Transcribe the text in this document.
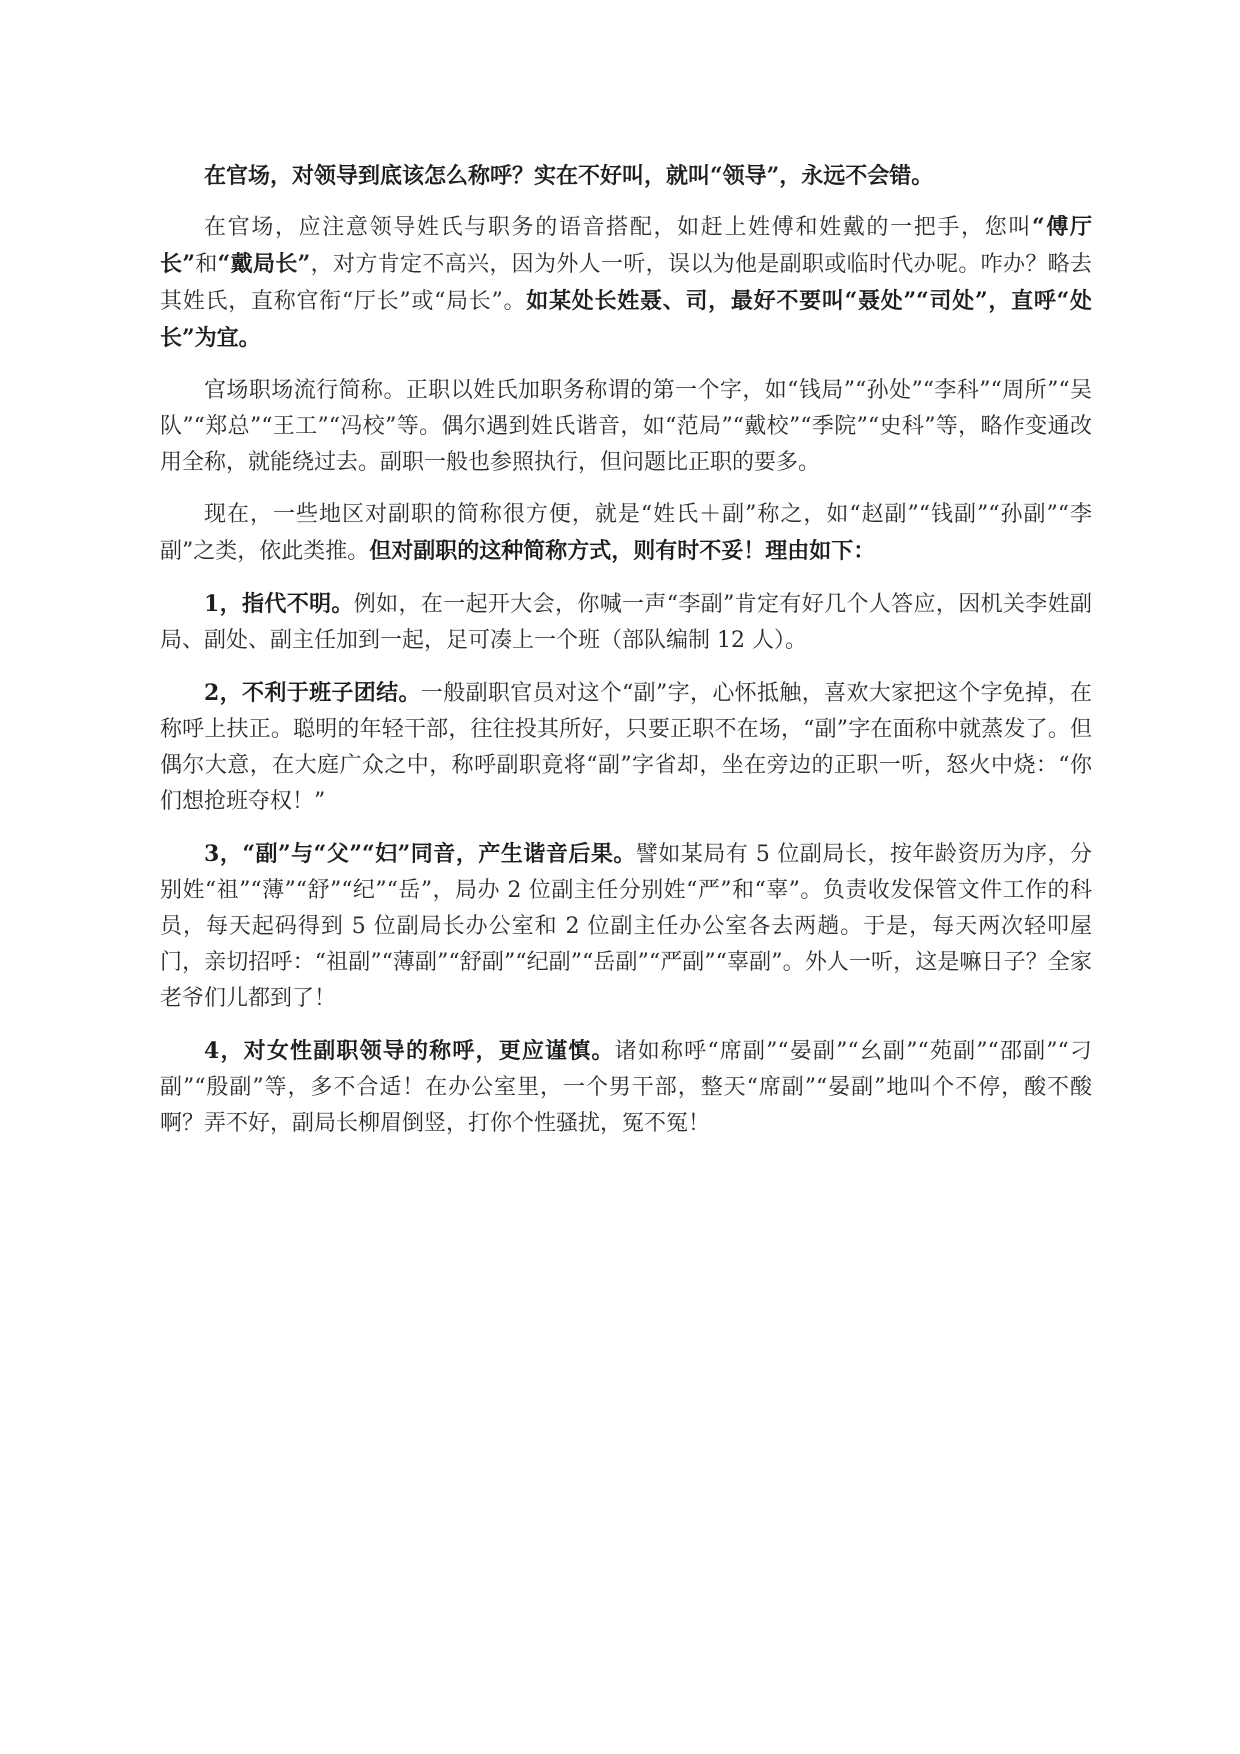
在官场，对领导到底该怎么称呼？实在不好叫，就叫“领导”，永远不会错。

在官场，应注意领导姓氏与职务的语音搭配，如赶上姓傅和姓戴的一把手，您叫“傅厅长”和“戴局长”，对方肯定不高兴，因为外人一听，误以为他是副职或临时代办呢。咋办？略去其姓氏，直称官衔“厅长”或“局长”。如某处长姓聂、司，最好不要叫“聂处”“司处”，直呼“处长”为宜。

官场职场流行简称。正职以姓氏加职务称谓的第一个字，如“钱局”“孙处”“李科”“周所”“吴队”“郑总”“王工”“冯校”等。偶尔遇到姓氏谐音，如“范局”“戴校”“季院”“史科”等，略作变通改用全称，就能绕过去。副职一般也参照执行，但问题比正职的要多。

现在，一些地区对副职的简称很方便，就是“姓氏＋副”称之，如“赵副”“钱副”“孙副”“李副”之类，依此类推。但对副职的这种简称方式，则有时不妥！理由如下：

1，指代不明。例如，在一起开大会，你喊一声“李副”肯定有好几个人答应，因机关李姓副局、副处、副主任加到一起，足可凑上一个班（部队编制 12 人）。

2，不利于班子团结。一般副职官员对这个“副”字，心怀抵触，喜欢大家把这个字免掉，在称呼上扶正。聪明的年轻干部，往往投其所好，只要正职不在场，“副”字在面称中就蒸发了。但偶尔大意，在大庭广众之中，称呼副职竟将“副”字省却，坐在旁边的正职一听，怒火中烧：“你们想抢班夺权！”

3，“副”与“父”“妇”同音，产生谐音后果。譬如某局有 5 位副局长，按年龄资历为序，分别姓“祖”“薄”“舒”“纪”“岳”，局办 2 位副主任分别姓“严”和“辜”。负责收发保管文件工作的科员，每天起码得到 5 位副局长办公室和 2 位副主任办公室各去两趟。于是，每天两次轻叩屋门，亲切招呼：“祖副”“薄副”“舒副”“纪副”“岳副”“严副”“辜副”。外人一听，这是嘛日子？全家老爷们儿都到了！

4，对女性副职领导的称呼，更应谨慎。诸如称呼“席副”“晏副”“幺副”“苑副”“邵副”“刁副”“殷副”等，多不合适！在办公室里，一个男干部，整天“席副”“晏副”地叫个不停，酸不酸啊？弄不好，副局长柳眉倒竖，打你个性骚扰，冤不冤！
